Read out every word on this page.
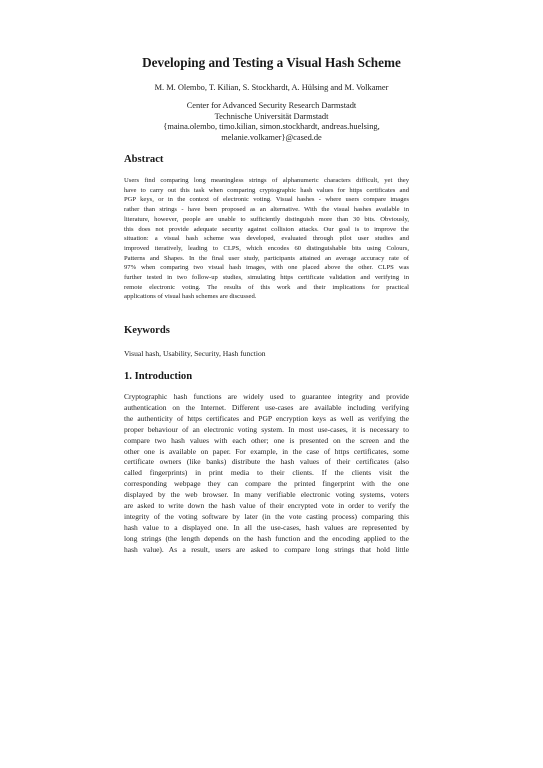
Developing and Testing a Visual Hash Scheme
M. M. Olembo, T. Kilian, S. Stockhardt, A. Hülsing and M. Volkamer
Center for Advanced Security Research Darmstadt
Technische Universität Darmstadt
{maina.olembo, timo.kilian, simon.stockhardt, andreas.huelsing,
melanie.volkamer}@cased.de
Abstract
Users find comparing long meaningless strings of alphanumeric characters difficult, yet they
have to carry out this task when comparing cryptographic hash values for https certificates and
PGP keys, or in the context of electronic voting. Visual hashes - where users compare images
rather than strings - have been proposed as an alternative. With the visual hashes available in
literature, however, people are unable to sufficiently distinguish more than 30 bits. Obviously,
this does not provide adequate security against collision attacks. Our goal is to improve the
situation: a visual hash scheme was developed, evaluated through pilot user studies and
improved iteratively, leading to CLPS, which encodes 60 distinguishable bits using Colours,
Patterns and Shapes. In the final user study, participants attained an average accuracy rate of
97% when comparing two visual hash images, with one placed above the other. CLPS was
further tested in two follow-up studies, simulating https certificate validation and verifying in
remote electronic voting. The results of this work and their implications for practical
applications of visual hash schemes are discussed.
Keywords
Visual hash, Usability, Security, Hash function
1. Introduction
Cryptographic hash functions are widely used to guarantee integrity and provide
authentication on the Internet. Different use-cases are available including verifying
the authenticity of https certificates and PGP encryption keys as well as verifying the
proper behaviour of an electronic voting system. In most use-cases, it is necessary to
compare two hash values with each other; one is presented on the screen and the
other one is available on paper. For example, in the case of https certificates, some
certificate owners (like banks) distribute the hash values of their certificates (also
called fingerprints) in print media to their clients. If the clients visit the
corresponding webpage they can compare the printed fingerprint with the one
displayed by the web browser. In many verifiable electronic voting systems, voters
are asked to write down the hash value of their encrypted vote in order to verify the
integrity of the voting software by later (in the vote casting process) comparing this
hash value to a displayed one. In all the use-cases, hash values are represented by
long strings (the length depends on the hash function and the encoding applied to the
hash value). As a result, users are asked to compare long strings that hold little
